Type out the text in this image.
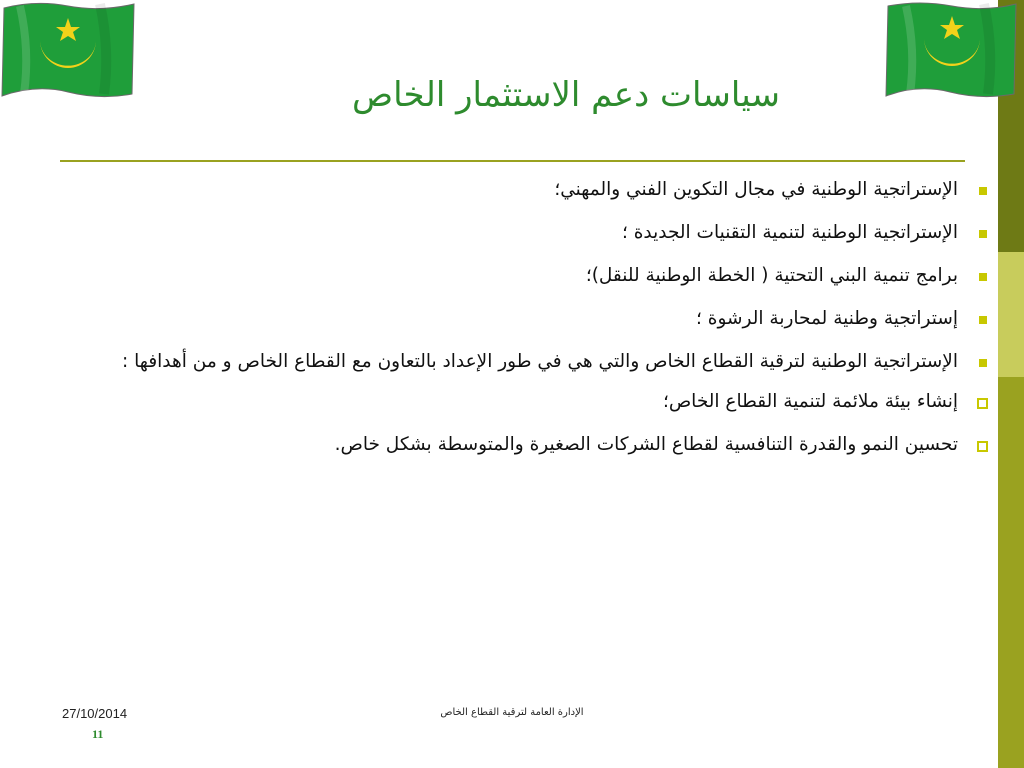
سياسات دعم الاستثمار الخاص
الإستراتجية الوطنية في مجال التكوين الفني والمهني؛
الإستراتجية الوطنية لتنمية التقنيات الجديدة ؛
برامج تنمية البني التحتية ( الخطة الوطنية للنقل)؛
إستراتجية وطنية لمحاربة الرشوة ؛
الإستراتجية الوطنية لترقية القطاع الخاص والتي هي في طور الإعداد بالتعاون مع القطاع الخاص و من أهدافها :
إنشاء بيئة ملائمة لتنمية القطاع الخاص؛
تحسين النمو والقدرة التنافسية لقطاع الشركات الصغيرة والمتوسطة بشكل خاص.
27/10/2014
11
الإدارة العامة لترقية القطاع الخاص
